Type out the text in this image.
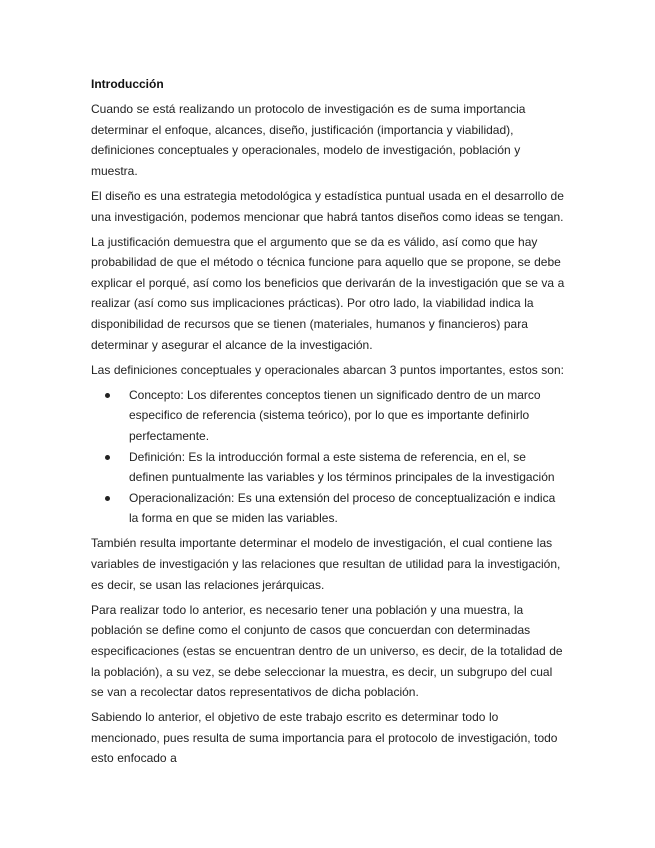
Introducción

Cuando se está realizando un protocolo de investigación es de suma importancia determinar el enfoque, alcances, diseño, justificación (importancia y viabilidad), definiciones conceptuales y operacionales, modelo de investigación, población y muestra.

El diseño es una estrategia metodológica y estadística puntual usada en el desarrollo de una investigación, podemos mencionar que habrá tantos diseños como ideas se tengan.

La justificación demuestra que el argumento que se da es válido, así como que hay probabilidad de que el método o técnica funcione para aquello que se propone, se debe explicar el porqué, así como los beneficios que derivarán de la investigación que se va a realizar (así como sus implicaciones prácticas). Por otro lado, la viabilidad indica la disponibilidad de recursos que se tienen (materiales, humanos y financieros) para determinar y asegurar el alcance de la investigación.

Las definiciones conceptuales y operacionales abarcan 3 puntos importantes, estos son:

Concepto: Los diferentes conceptos tienen un significado dentro de un marco especifico de referencia (sistema teórico), por lo que es importante definirlo perfectamente.
Definición: Es la introducción formal a este sistema de referencia, en el, se definen puntualmente las variables y los términos principales de la investigación
Operacionalización: Es una extensión del proceso de conceptualización e indica la forma en que se miden las variables.

También resulta importante determinar el modelo de investigación, el cual contiene las variables de investigación y las relaciones que resultan de utilidad para la investigación, es decir, se usan las relaciones jerárquicas.

Para realizar todo lo anterior, es necesario tener una población y una muestra, la población se define como el conjunto de casos que concuerdan con determinadas especificaciones (estas se encuentran dentro de un universo, es decir, de la totalidad de la población), a su vez, se debe seleccionar la muestra, es decir, un subgrupo del cual se van a recolectar datos representativos de dicha población.

Sabiendo lo anterior, el objetivo de este trabajo escrito es determinar todo lo mencionado, pues resulta de suma importancia para el protocolo de investigación, todo esto enfocado a
